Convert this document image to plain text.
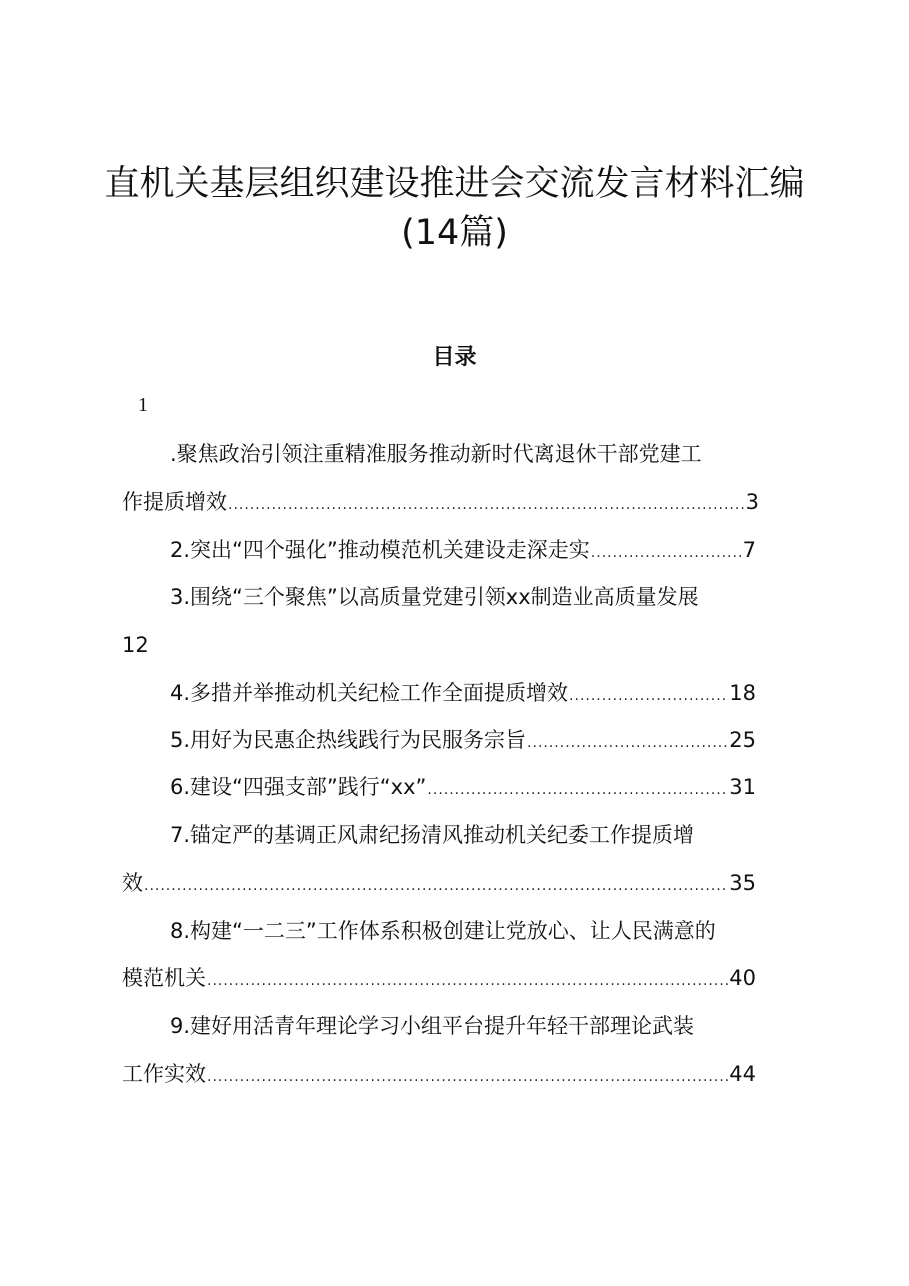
直机关基层组织建设推进会交流发言材料汇编
(14篇)
目录
1
.聚焦政治引领注重精准服务推动新时代离退休干部党建工
作提质增效 .....	3
2.突出“四个强化”推动模范机关建设走深走实 .....	7
3.围绕“三个聚焦”以高质量党建引领xx制造业高质量发展
12
4.多措并举推动机关纪检工作全面提质增效 .....	18
5.用好为民惠企热线践行为民服务宗旨 .....	25
6.建设“四强支部”践行“xx” .....	31
7.锚定严的基调正风肃纪扬清风推动机关纪委工作提质增
效 .....	35
8.构建“一二三”工作体系积极创建让党放心、让人民满意的
模范机关 .....	40
9.建好用活青年理论学习小组平台提升年轻干部理论武装
工作实效 .....	44
